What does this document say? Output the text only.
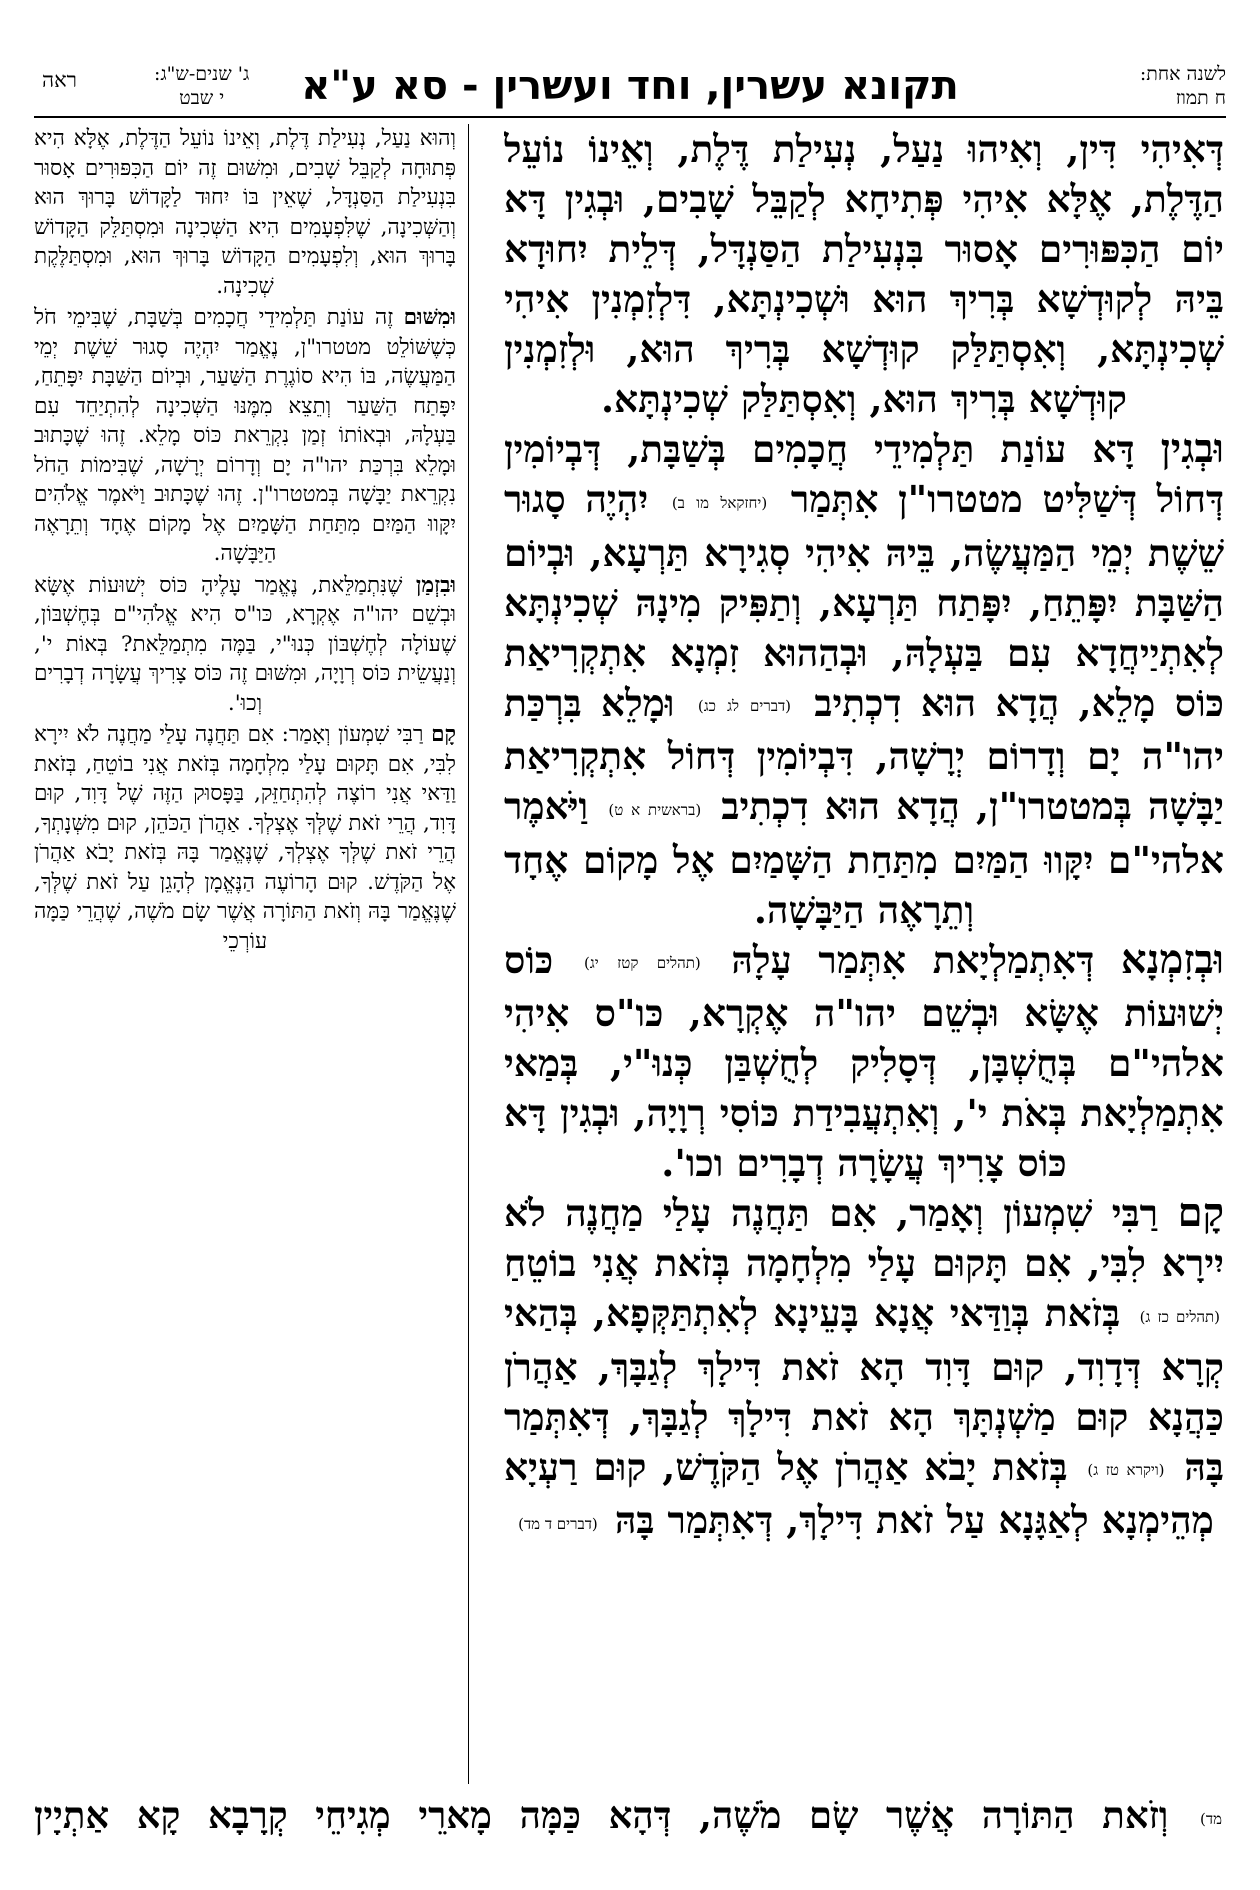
ראה	ג' שנים-ש"ג:
י שבט	תקונא עשרין, וחד ועשרין - סא ע"א	לשנה אחת:
ח תמוז

דְּאִיהִי דִּין, וְאִיהוּ נַעַל, נְעִילַת דֶּלֶת, וְאֵינוֹ נוֹעֵל הַדֶּלֶת, אֶלָּא אִיהִי פְּתִיחָא לְקַבֵּל שָׁבִים, וּבְגִין דָּא יוֹם הַכִּפּוּרִים אָסוּר בִּנְעִילַת הַסַּנְדָּל, דְּלֵית יִחוּדָא בֵּיהּ לְקוּדְשָׁא בְּרִיךְ הוּא וּשְׁכִינְתָּא, דִּלְזִמְנִין אִיהִי שְׁכִינְתָּא, וְאִסְתַּלַּק קוּדְשָׁא בְּרִיךְ הוּא, וּלְזִמְנִין קוּדְשָׁא בְּרִיךְ הוּא, וְאִסְתַּלַּק שְׁכִינְתָּא.

וּבְגִין דָּא עוֹנַת תַּלְמִידֵי חֲכָמִים בְּשַׁבָּת, דְּבְיוֹמִין דְּחוֹל דְּשַׁלִּיט מטטרו"ן אִתְּמַר (יחזקאל מו ב) יִהְיֶה סָגוּר שֵׁשֶׁת יְמֵי הַמַּעֲשֶׂה, בֵּיהּ אִיהִי סְגִירָא תַּרְעָא, וּבְיוֹם הַשַּׁבָּת יִפָּתֵחַ, יִפָּתַח תַּרְעָא, וְתַפִּיק מִינָהּ שְׁכִינְתָּא לְאִתְיַיחֲדָא עִם בַּעְלָהּ, וּבְהַהוּא זִמְנָא אִתְקְרִיאַת כּוֹס מָלֵא, הֲדָא הוּא דִכְתִיב (דברים לג כג) וּמָלֵא בִּרְכַּת יהו"ה יָם וְדָרוֹם יְרָשָׁה, דִּבְיוֹמִין דְּחוֹל אִתְקְרִיאַת יַבָּשָׁה בְּמטטרו"ן, הֲדָא הוּא דִכְתִיב (בראשית א ט) וַיֹּאמֶר אלהי"ם יִקָּווּ הַמַּיִם מִתַּחַת הַשָּׁמַיִם אֶל מָקוֹם אֶחָד וְתֵרָאֶה הַיַּבָּשָׁה.

וּבְזִמְנָא דְּאִתְמַלְיָאת אִתְּמַר עָלָהּ (תהלים קטז יג) כּוֹס יְשׁוּעוֹת אֶשָּׂא וּבְשֵׁם יהו"ה אֶקְרָא, כּו"ס אִיהִי אלהי"ם בְּחֻשְׁבָּן, דְּסָלִיק לְחֻשְׁבַּן כְּנוּ"י, בְּמַאי אִתְמַלְיָאת בְּאֹת י', וְאִתְעֲבִידַת כּוֹסִי רְוָיָה, וּבְגִין דָּא כּוֹס צָרִיךְ עֲשָׂרָה דְבָרִים וכו'.

קָם רַבִּי שִׁמְעוֹן וְאָמַר, אִם תַּחֲנֶה עָלַי מַחֲנֶה לֹא יִירָא לִבִּי, אִם תָּקוּם עָלַי מִלְחָמָה בְּזֹאת אֲנִי בוֹטֵחַ (תהלים כז ג) בְּזֹאת בְּוַדַּאי אֲנָא בָּעֵינָא לְאִתְתַּקְּפָא, בְּהַאי קְרָא דְּדָוִד, קוּם דָּוִד הָא זֹאת דִּילָךְ לְגַבָּךְ, אַהֲרֹן כַּהֲנָא קוּם מַשְׁנְתָּךְ הָא זֹאת דִּילָךְ לְגַבָּךְ, דְּאִתְּמַר בָּהּ (ויקרא טז ג) בְּזֹאת יָבֹא אַהֲרֹן אֶל הַקֹּדֶשׁ, קוּם רַעְיָא מְהֵימְנָא לְאַגָּנָא עַל זֹאת דִּילָךְ, דְּאִתְּמַר בָּהּ (דברים ד מד)

וְהוּא נַעַל, נְעִילַת דֶּלֶת, וְאֵינוֹ נוֹעֵל הַדֶּלֶת, אֶלָּא הִיא פְּתוּחָה לְקַבֵּל שָׁבִים, וּמִשּׁוּם זֶה יוֹם הַכִּפּוּרִים אָסוּר בִּנְעִילַת הַסַּנְדָּל, שֶׁאֵין בּוֹ יִחוּד לַקָּדוֹשׁ בָּרוּךְ הוּא וְהַשְּׁכִינָה, שֶׁלִּפְעָמִים הִיא הַשְּׁכִינָה וּמִסְתַּלֵּק הַקָּדוֹשׁ בָּרוּךְ הוּא, וְלִפְעָמִים הַקָּדוֹשׁ בָּרוּךְ הוּא, וּמִסְתַּלֶּקֶת שְׁכִינָה.

וּמִשּׁוּם זֶה עוֹנַת תַּלְמִידֵי חֲכָמִים בְּשַׁבָּת, שֶׁבִּימֵי חֹל כְּשֶׁשּׁוֹלֵט מטטרו"ן, נֶאֱמַר יִהְיֶה סָגוּר שֵׁשֶׁת יְמֵי הַמַּעֲשֶׂה, בּוֹ הִיא סוֹגֶרֶת הַשַּׁעַר, וּבְיוֹם הַשַּׁבָּת יִפָּתֵחַ, יִפָּתַח הַשַּׁעַר וְתֵצֵא מִמֶּנּוּ הַשְּׁכִינָה לְהִתְיַחֵד עִם בַּעְלָהּ, וּבְאוֹתוֹ זְמַן נִקְרֵאת כּוֹס מָלֵא. זֶהוּ שֶׁכָּתוּב וּמָלֵא בִּרְכַּת יהו"ה יָם וְדָרוֹם יְרָשָׁה, שֶׁבִּימוֹת הַחֹל נִקְרֵאת יַבָּשָׁה בְּמטטרו"ן. זֶהוּ שֶׁכָּתוּב וַיֹּאמֶר אֱלֹהִים יִקָּווּ הַמַּיִם מִתַּחַת הַשָּׁמַיִם אֶל מָקוֹם אֶחָד וְתֵרָאֶה הַיַּבָּשָׁה.

וּבִזְמַן שֶׁנִּתְמַלֵּאת, נֶאֱמַר עָלֶיהָ כּוֹס יְשׁוּעוֹת אֶשָּׂא וּבְשֵׁם יהו"ה אֶקְרָא, כּו"ס הִיא אֱלֹהִי"ם בְּחֶשְׁבּוֹן, שֶׁעוֹלָה לְחֶשְׁבּוֹן כְּנוּ"י, בַּמֶּה מִתְמַלֵּאת? בְּאוֹת י', וְנַעֲשֵׂית כּוֹס רְוָיָה, וּמִשּׁוּם זֶה כּוֹס צָרִיךְ עֲשָׂרָה דְבָרִים וְכוּ'.

קָם רַבִּי שִׁמְעוֹן וְאָמַר: אִם תַּחֲנֶה עָלַי מַחֲנֶה לֹא יִירָא לִבִּי, אִם תָּקוּם עָלַי מִלְחָמָה בְּזֹאת אֲנִי בוֹטֵחַ, בְּזֹאת וַדַּאי אֲנִי רוֹצֶה לְהִתְחַזֵּק, בַּפָּסוּק הַזֶּה שֶׁל דָּוִד, קוּם דָּוִד, הֲרֵי זֹאת שֶׁלְּךָ אֶצְלְךָ. אַהֲרֹן הַכֹּהֵן, קוּם מִשְּׁנָתְךָ, הֲרֵי זֹאת שֶׁלְּךָ אֶצְלְךָ, שֶׁנֶּאֱמַר בָּהּ בְּזֹאת יָבֹא אַהֲרֹן אֶל הַקֹּדֶשׁ. קוּם הָרוֹעֶה הַנֶּאֱמָן לְהָגֵן עַל זֹאת שֶׁלְּךָ, שֶׁנֶּאֱמַר בָּהּ וְזֹאת הַתּוֹרָה אֲשֶׁר שָׂם מֹשֶׁה, שֶׁהֲרֵי כַּמָּה עוֹרְכֵי

מד) וְזֹאת הַתּוֹרָה אֲשֶׁר שָׂם מֹשֶׁה, דְּהָא כַּמָּה מָארֵי מְגִיחֵי קְרָבָא קָא אַתְיָין
